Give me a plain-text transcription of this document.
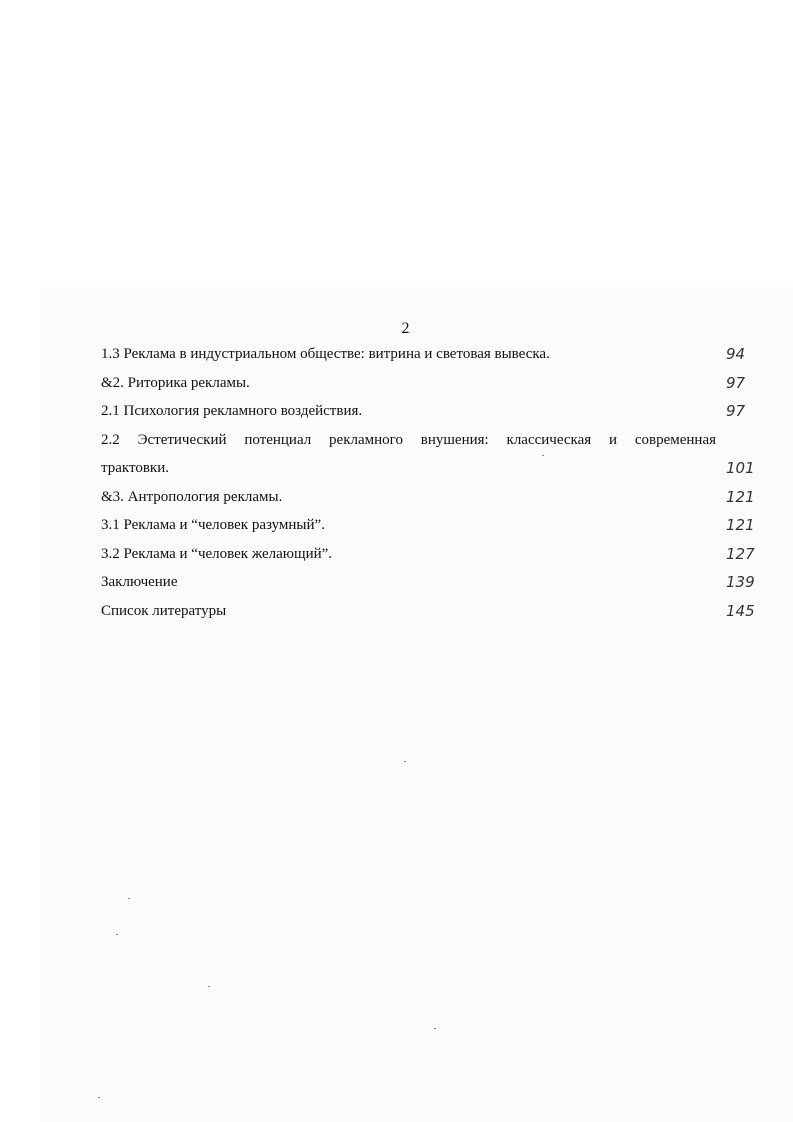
2
1.3 Реклама в индустриальном обществе: витрина и световая вывеска.	94
&2. Риторика рекламы.	97
2.1 Психология рекламного воздействия.	97
2.2 Эстетический потенциал рекламного внушения: классическая и современная
трактовки.	101
&3. Антропология рекламы.	121
3.1 Реклама и “человек разумный”.	121
3.2 Реклама и “человек желающий”.	127
Заключение	139
Список литературы	145
